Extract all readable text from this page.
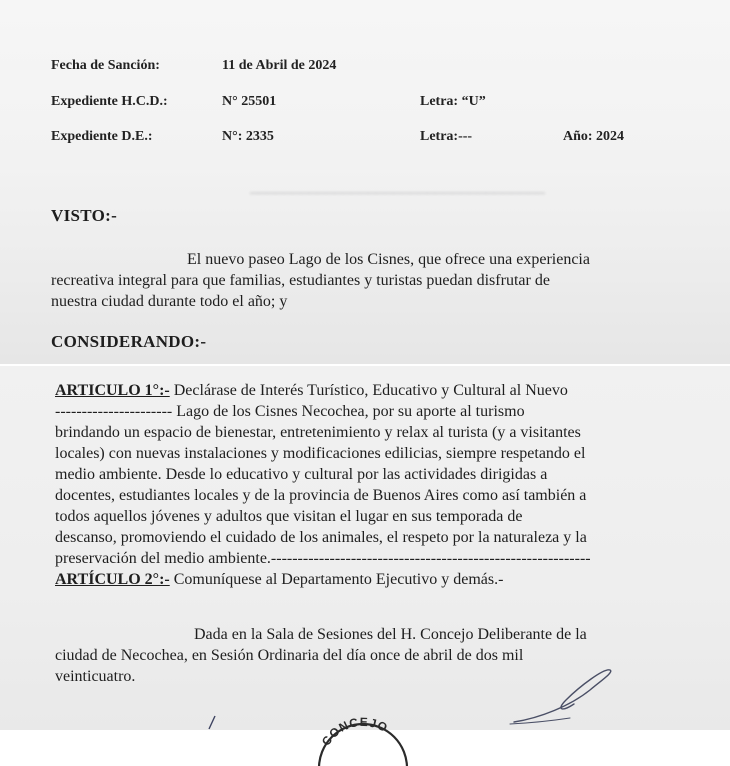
━━━━━━━━━━━━━━━━━━━━━━━━━━━━━━━━━━━
Fecha de Sanción:	11 de Abril de 2024
Expediente H.C.D.:	N° 25501	Letra: “U”
Expediente D.E.:	N°: 2335	Letra:---	Año: 2024
VISTO:-
El nuevo paseo Lago de los Cisnes, que ofrece una experiencia
recreativa integral para que familias, estudiantes y turistas puedan disfrutar de
nuestra ciudad durante todo el año; y
CONSIDERANDO:-
ARTICULO 1°:- Declárase de Interés Turístico, Educativo y Cultural al Nuevo
---------------------- Lago de los Cisnes Necochea, por su aporte al turismo
brindando un espacio de bienestar, entretenimiento y relax al turista (y a visitantes
locales) con nuevas instalaciones y modificaciones edilicias, siempre respetando el
medio ambiente. Desde lo educativo y cultural por las actividades dirigidas a
docentes, estudiantes locales y de la provincia de Buenos Aires como así también a
todos aquellos jóvenes y adultos que visitan el lugar en sus temporada de
descanso, promoviendo el cuidado de los animales, el respeto por la naturaleza y la
preservación del medio ambiente.------------------------------------------------------------
ARTÍCULO 2°:- Comuníquese al Departamento Ejecutivo y demás.-
Dada en la Sala de Sesiones del H. Concejo Deliberante de la
ciudad de Necochea, en Sesión Ordinaria del día once de abril de dos mil
veinticuatro.
CONCEJO
